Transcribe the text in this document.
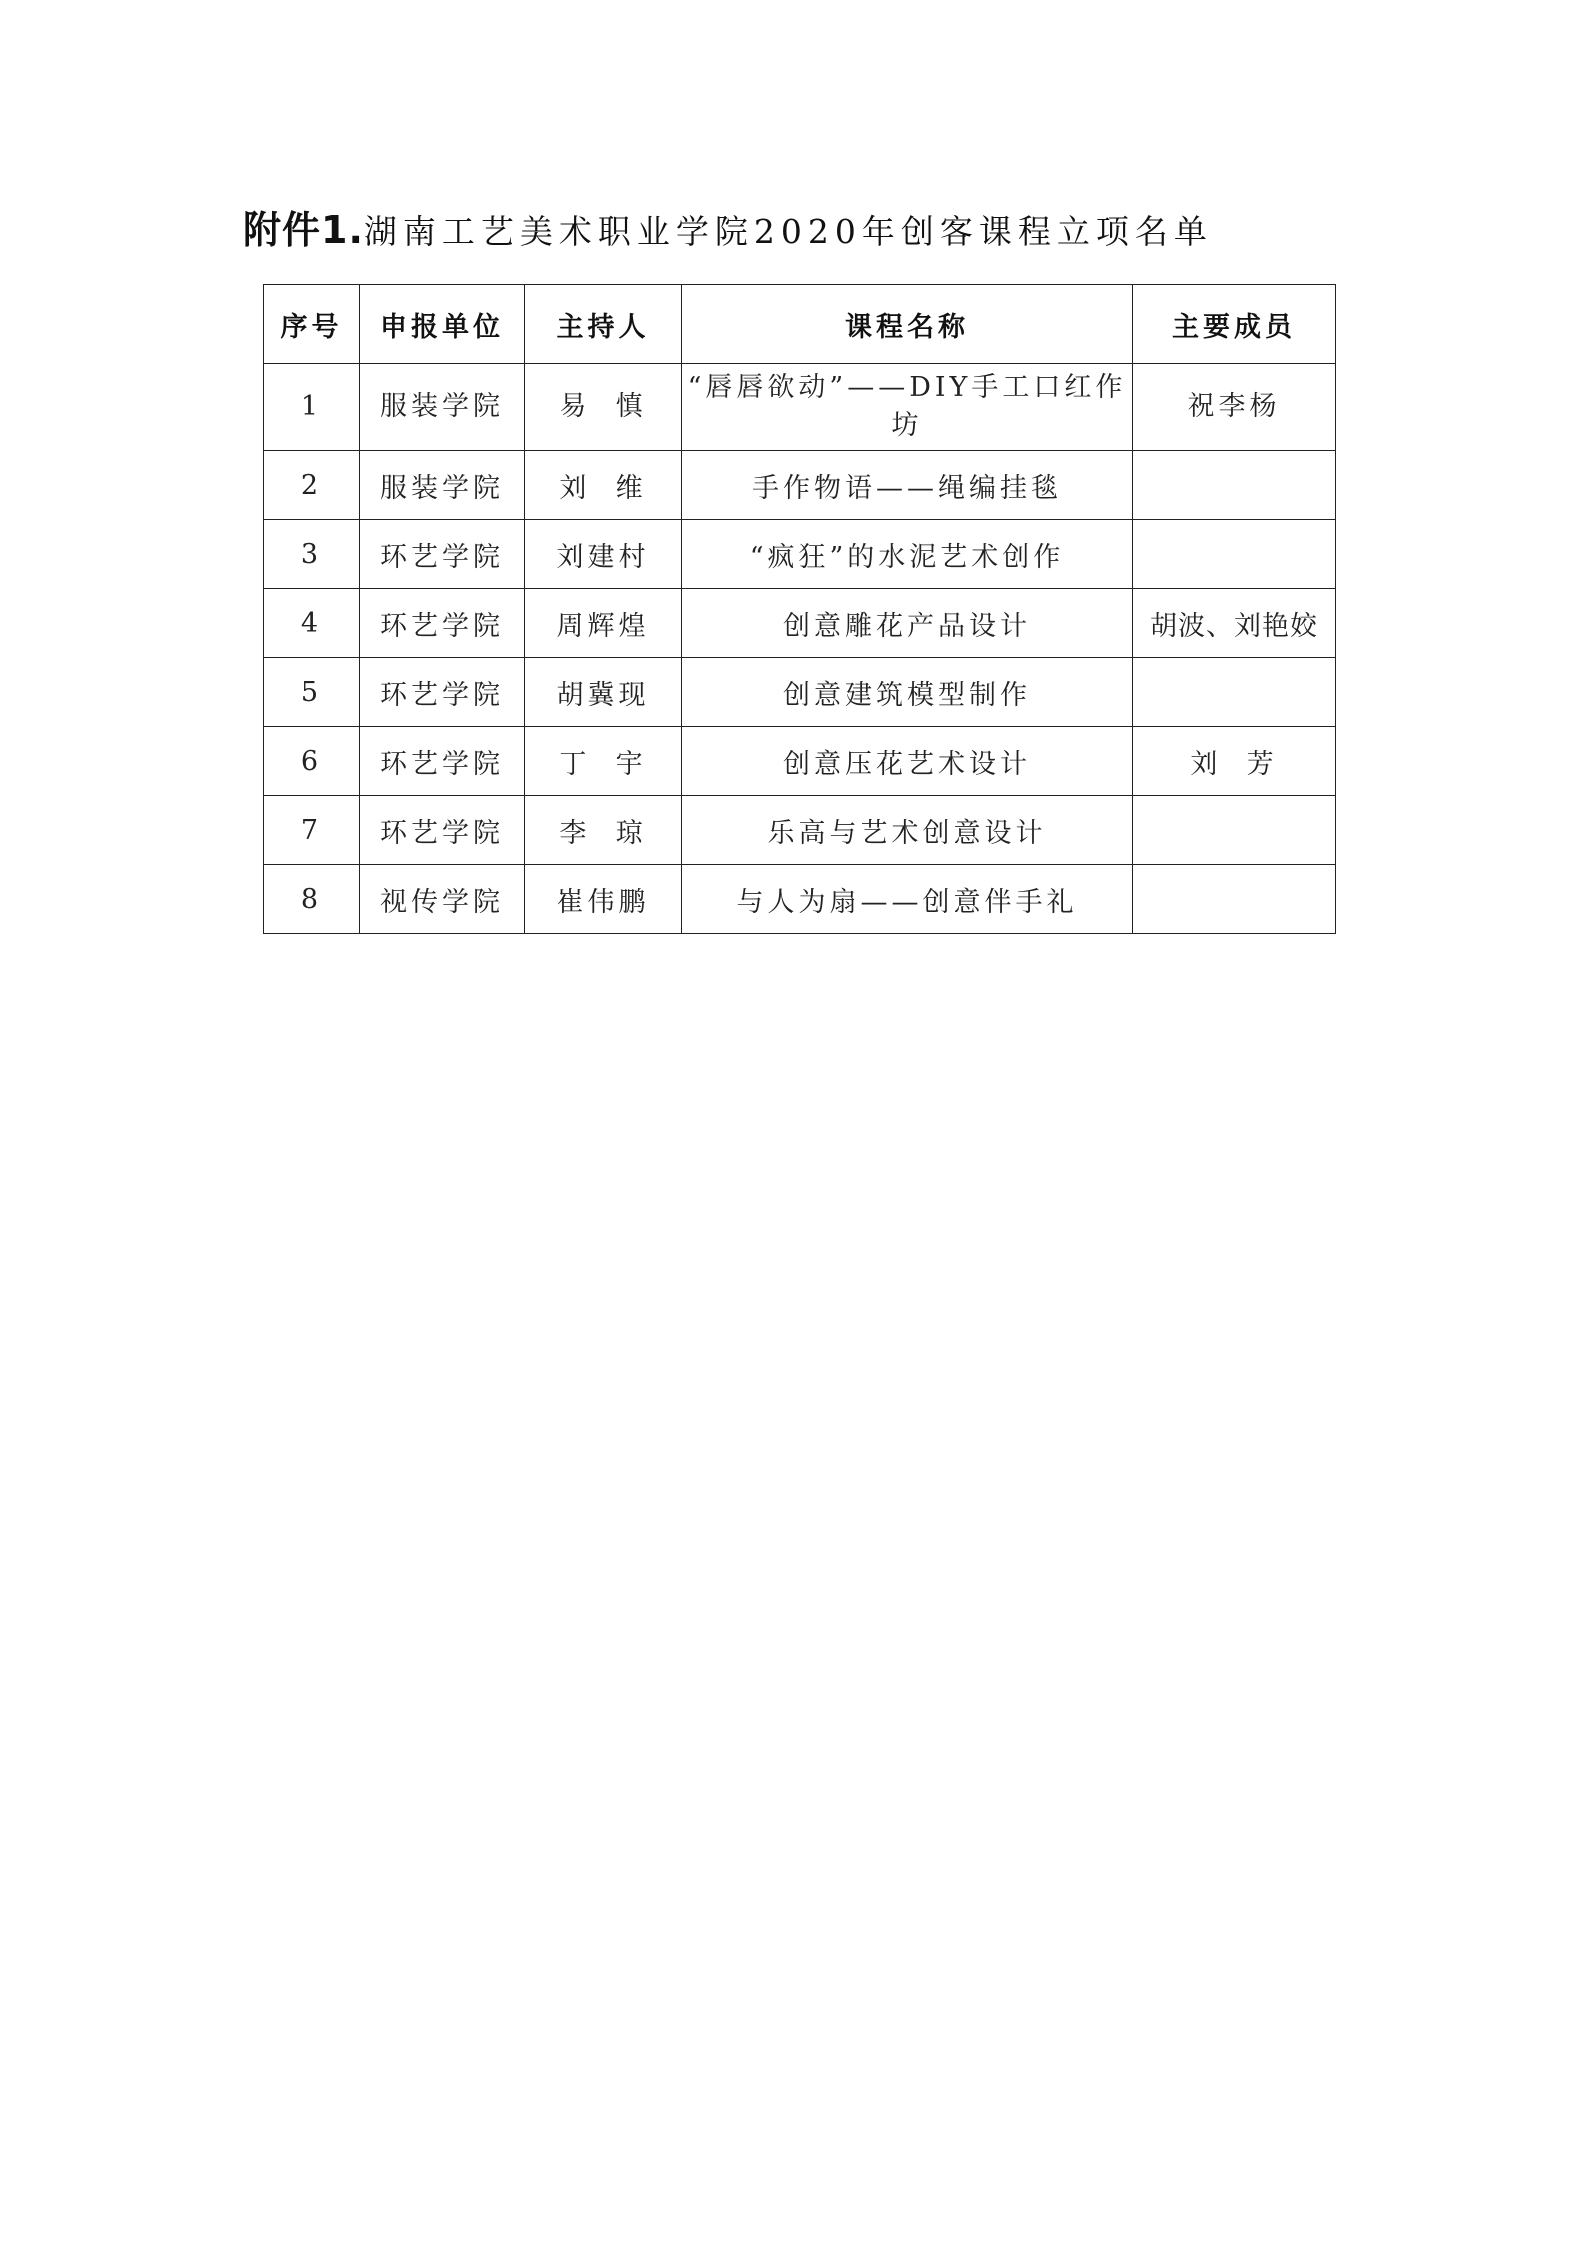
附件1.湖南工艺美术职业学院2020年创客课程立项名单
序号	申报单位	主持人	课程名称	主要成员
1	服装学院	易  慎	“唇唇欲动”——DIY手工口红作坊	祝李杨
2	服装学院	刘  维	手作物语——绳编挂毯	
3	环艺学院	刘建村	“疯狂”的水泥艺术创作	
4	环艺学院	周辉煌	创意雕花产品设计	胡波、刘艳姣
5	环艺学院	胡冀现	创意建筑模型制作	
6	环艺学院	丁  宇	创意压花艺术设计	刘  芳
7	环艺学院	李  琼	乐高与艺术创意设计	
8	视传学院	崔伟鹏	与人为扇——创意伴手礼	
